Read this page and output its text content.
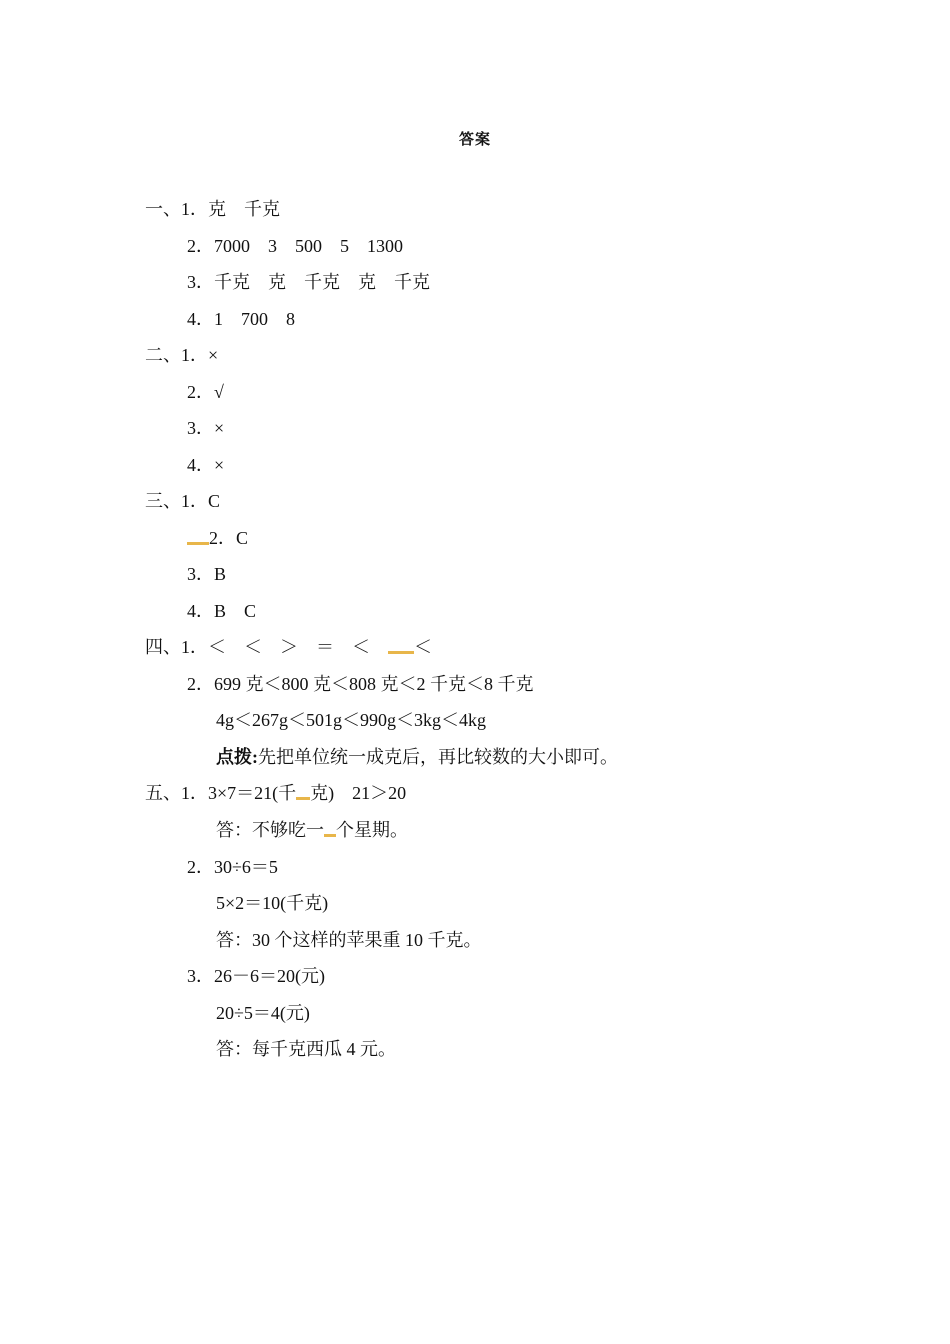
答案
一、1．克　千克
2．7000　3　500　5　1300
3．千克　克　千克　克　千克
4．1　700　8
二、1．×
2．√
3．×
4．×
三、1．C
2．C
3．B
4．B　C
四、1．＜　＜　＞　＝　＜　＜
2．699 克＜800 克＜808 克＜2 千克＜8 千克
4g＜267g＜501g＜990g＜3kg＜4kg
点拨:先把单位统一成克后，再比较数的大小即可。
五、1．3×7＝21(千 克)　21＞20
答：不够吃一 个星期。
2．30÷6＝5
5×2＝10(千克)
答：30 个这样的苹果重 10 千克。
3．26－6＝20(元)
20÷5＝4(元)
答：每千克西瓜 4 元。
